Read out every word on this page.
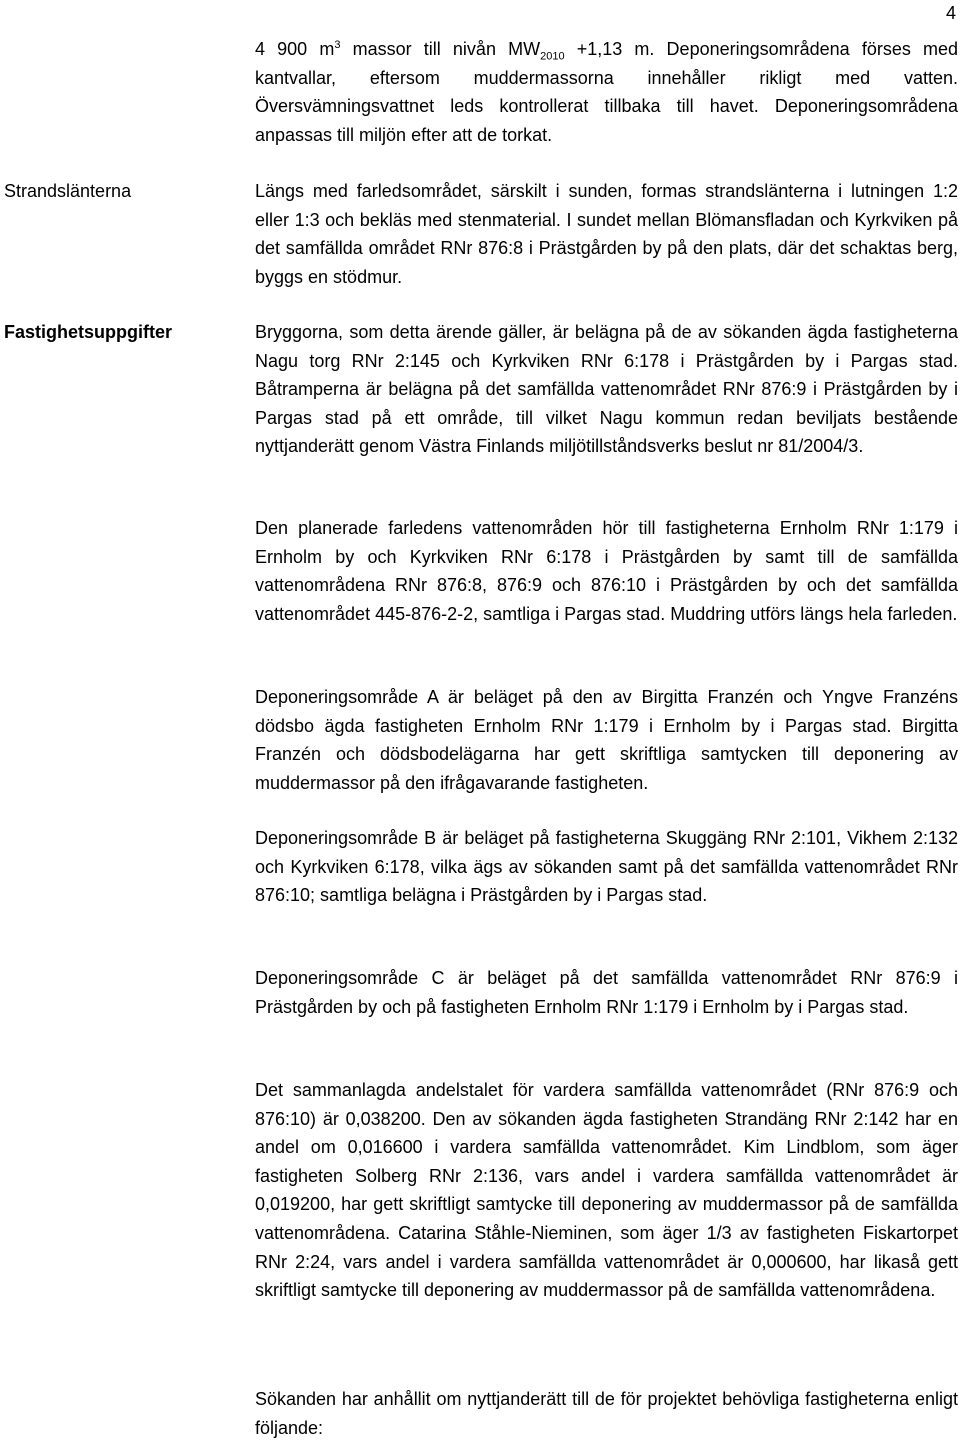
4

4 900 $m^3$ massor till nivån $MW_{2010} +1,13$ m. Deponeringsområdena förses med kantvallar, eftersom muddermassorna innehåller rikligt med vatten. Översvämningsvattnet leds kontrollerat tillbaka till havet. Deponeringsområdena anpassas till miljön efter att de torkat.

Strandslänterna	Längs med farledsområdet, särskilt i sunden, formas strandslänterna i lutningen 1:2 eller 1:3 och bekläs med stenmaterial. I sundet mellan Blömansfladan och Kyrkviken på det samfällda området RNr 876:8 i Prästgården by på den plats, där det schaktas berg, byggs en stödmur.

Fastighetsuppgifter	Bryggorna, som detta ärende gäller, är belägna på de av sökanden ägda fastigheterna Nagu torg RNr 2:145 och Kyrkviken RNr 6:178 i Prästgården by i Pargas stad. Båtramperna är belägna på det samfällda vattenområdet RNr 876:9 i Prästgården by i Pargas stad på ett område, till vilket Nagu kommun redan beviljats bestående nyttjanderätt genom Västra Finlands miljötillståndsverks beslut nr 81/2004/3.

Den planerade farledens vattenområden hör till fastigheterna Ernholm RNr 1:179 i Ernholm by och Kyrkviken RNr 6:178 i Prästgården by samt till de samfällda vattenområdena RNr 876:8, 876:9 och 876:10 i Prästgården by och det samfällda vattenområdet 445-876-2-2, samtliga i Pargas stad. Muddring utförs längs hela farleden.

Deponeringsområde A är beläget på den av Birgitta Franzén och Yngve Franzéns dödsbo ägda fastigheten Ernholm RNr 1:179 i Ernholm by i Pargas stad. Birgitta Franzén och dödsbodelägarna har gett skriftliga samtycken till deponering av muddermassor på den ifrågavarande fastigheten.

Deponeringsområde B är beläget på fastigheterna Skuggäng RNr 2:101, Vikhem 2:132 och Kyrkviken 6:178, vilka ägs av sökanden samt på det samfällda vattenområdet RNr 876:10; samtliga belägna i Prästgården by i Pargas stad.

Deponeringsområde C är beläget på det samfällda vattenområdet RNr 876:9 i Prästgården by och på fastigheten Ernholm RNr 1:179 i Ernholm by i Pargas stad.

Det sammanlagda andelstalet för vardera samfällda vattenområdet (RNr 876:9 och 876:10) är 0,038200. Den av sökanden ägda fastigheten Strandäng RNr 2:142 har en andel om 0,016600 i vardera samfällda vattenområdet. Kim Lindblom, som äger fastigheten Solberg RNr 2:136, vars andel i vardera samfällda vattenområdet är 0,019200, har gett skriftligt samtycke till deponering av muddermassor på de samfällda vattenområdena. Catarina Ståhle-Nieminen, som äger 1/3 av fastigheten Fiskartorpet RNr 2:24, vars andel i vardera samfällda vattenområdet är 0,000600, har likaså gett skriftligt samtycke till deponering av muddermassor på de samfällda vattenområdena.

Sökanden har anhållit om nyttjanderätt till de för projektet behövliga fastigheterna enligt följande:
